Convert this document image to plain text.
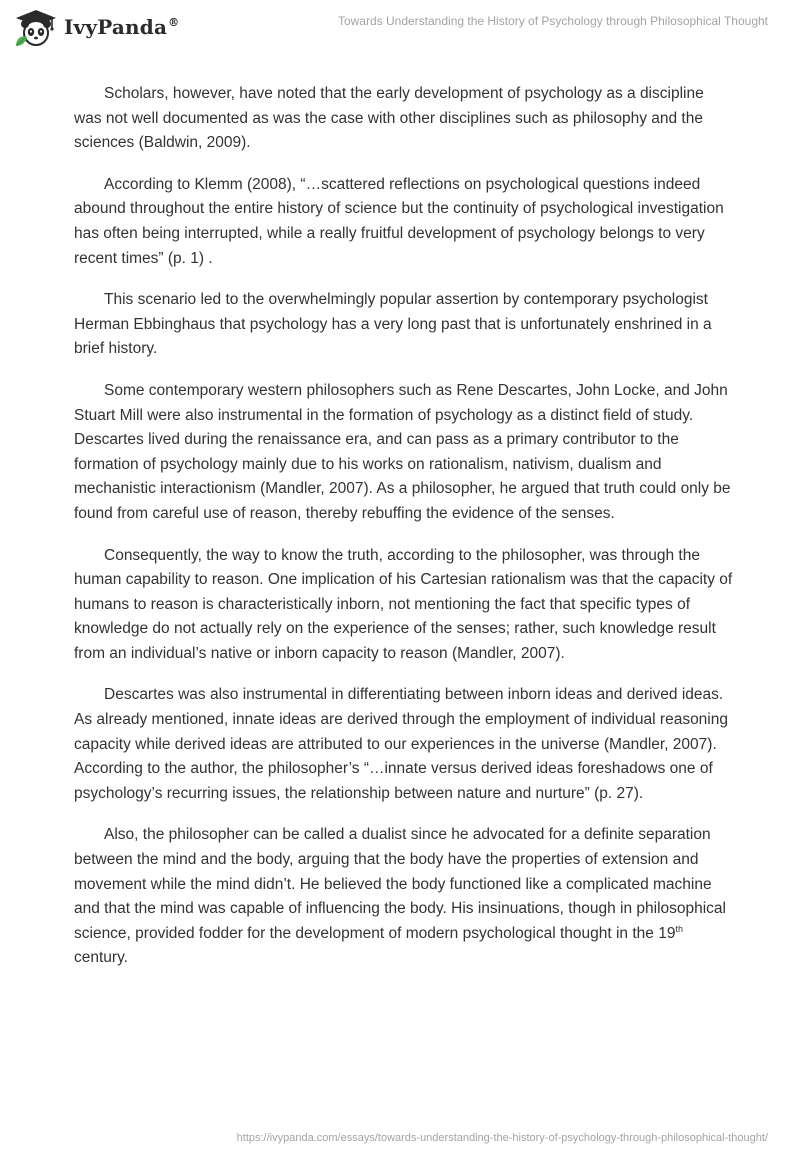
IvyPanda®	Towards Understanding the History of Psychology through Philosophical Thought

Scholars, however, have noted that the early development of psychology as a discipline was not well documented as was the case with other disciplines such as philosophy and the sciences (Baldwin, 2009).

According to Klemm (2008), “…scattered reflections on psychological questions indeed abound throughout the entire history of science but the continuity of psychological investigation has often being interrupted, while a really fruitful development of psychology belongs to very recent times” (p. 1) .

This scenario led to the overwhelmingly popular assertion by contemporary psychologist Herman Ebbinghaus that psychology has a very long past that is unfortunately enshrined in a brief history.

Some contemporary western philosophers such as Rene Descartes, John Locke, and John Stuart Mill were also instrumental in the formation of psychology as a distinct field of study. Descartes lived during the renaissance era, and can pass as a primary contributor to the formation of psychology mainly due to his works on rationalism, nativism, dualism and mechanistic interactionism (Mandler, 2007). As a philosopher, he argued that truth could only be found from careful use of reason, thereby rebuffing the evidence of the senses.

Consequently, the way to know the truth, according to the philosopher, was through the human capability to reason. One implication of his Cartesian rationalism was that the capacity of humans to reason is characteristically inborn, not mentioning the fact that specific types of knowledge do not actually rely on the experience of the senses; rather, such knowledge result from an individual’s native or inborn capacity to reason (Mandler, 2007).

Descartes was also instrumental in differentiating between inborn ideas and derived ideas. As already mentioned, innate ideas are derived through the employment of individual reasoning capacity while derived ideas are attributed to our experiences in the universe (Mandler, 2007). According to the author, the philosopher’s “…innate versus derived ideas foreshadows one of psychology’s recurring issues, the relationship between nature and nurture” (p. 27).

Also, the philosopher can be called a dualist since he advocated for a definite separation between the mind and the body, arguing that the body have the properties of extension and movement while the mind didn’t. He believed the body functioned like a complicated machine and that the mind was capable of influencing the body. His insinuations, though in philosophical science, provided fodder for the development of modern psychological thought in the 19th century.

https://ivypanda.com/essays/towards-understanding-the-history-of-psychology-through-philosophical-thought/
